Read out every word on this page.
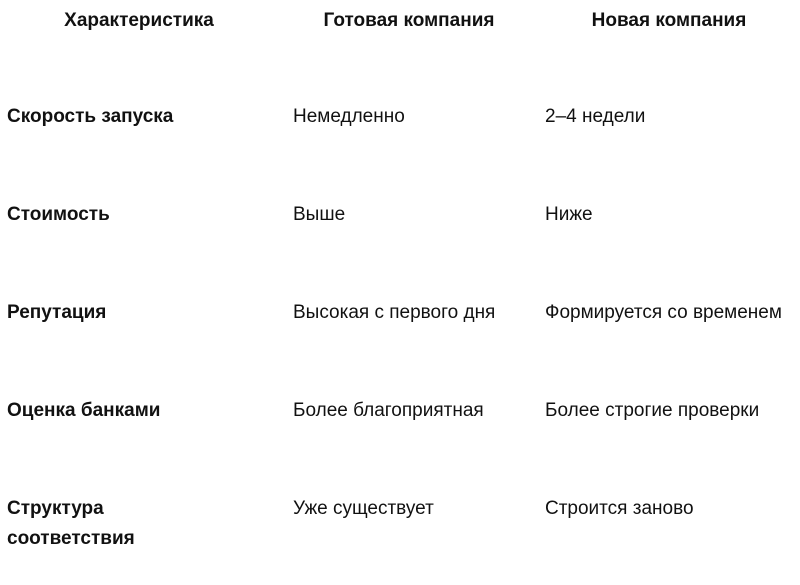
Характеристика	Готовая компания	Новая компания

Скорость запуска	Немедленно	2–4 недели

Стоимость	Выше	Ниже

Репутация	Высокая с первого дня	Формируется со временем

Оценка банками	Более благоприятная	Более строгие проверки

Структура соответствия	Уже существует	Строится заново
